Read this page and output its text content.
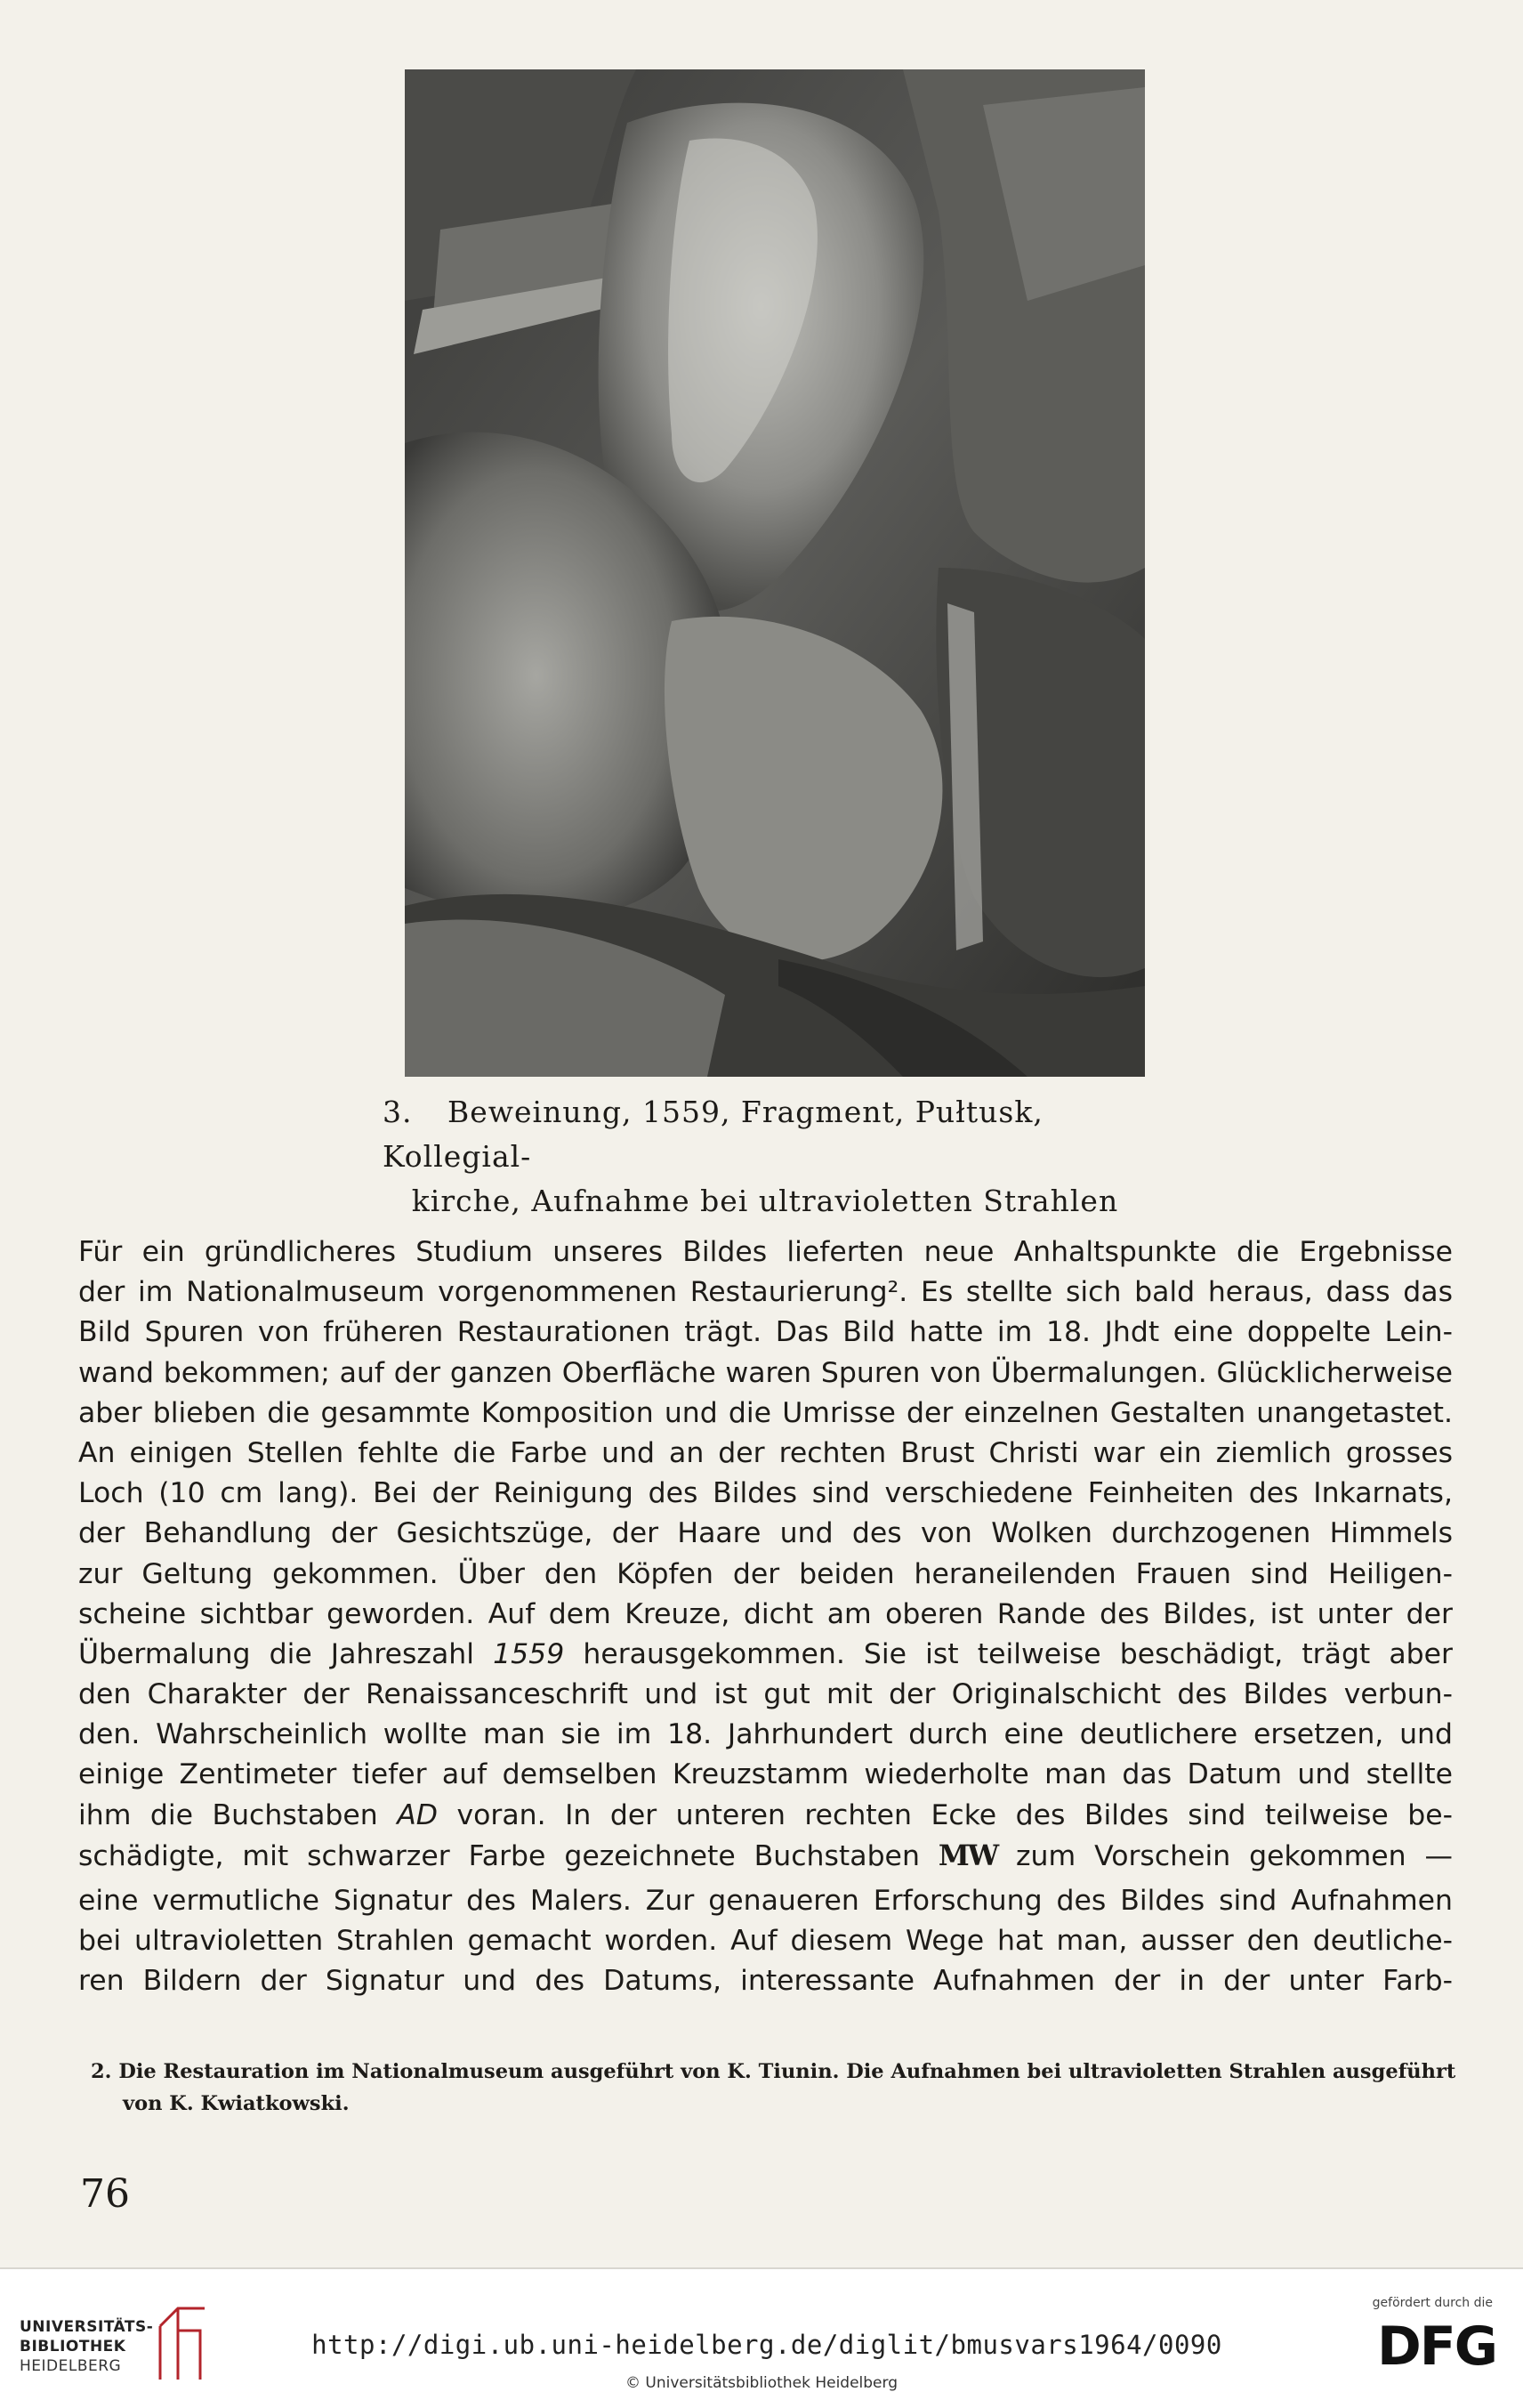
3. Beweinung, 1559, Fragment, Pułtusk, Kollegial-
kirche, Aufnahme bei ultravioletten Strahlen
Für ein gründlicheres Studium unseres Bildes lieferten neue Anhaltspunkte die Ergebnisse
der im Nationalmuseum vorgenommenen Restaurierung². Es stellte sich bald heraus, dass das
Bild Spuren von früheren Restaurationen trägt. Das Bild hatte im 18. Jhdt eine doppelte Lein-
wand bekommen; auf der ganzen Oberfläche waren Spuren von Übermalungen. Glücklicherweise
aber blieben die gesammte Komposition und die Umrisse der einzelnen Gestalten unangetastet.
An einigen Stellen fehlte die Farbe und an der rechten Brust Christi war ein ziemlich grosses
Loch (10 cm lang). Bei der Reinigung des Bildes sind verschiedene Feinheiten des Inkarnats,
der Behandlung der Gesichtszüge, der Haare und des von Wolken durchzogenen Himmels
zur Geltung gekommen. Über den Köpfen der beiden heraneilenden Frauen sind Heiligen-
scheine sichtbar geworden. Auf dem Kreuze, dicht am oberen Rande des Bildes, ist unter der
Übermalung die Jahreszahl 1559 herausgekommen. Sie ist teilweise beschädigt, trägt aber
den Charakter der Renaissanceschrift und ist gut mit der Originalschicht des Bildes verbun-
den. Wahrscheinlich wollte man sie im 18. Jahrhundert durch eine deutlichere ersetzen, und
einige Zentimeter tiefer auf demselben Kreuzstamm wiederholte man das Datum und stellte
ihm die Buchstaben AD voran. In der unteren rechten Ecke des Bildes sind teilweise be-
schädigte, mit schwarzer Farbe gezeichnete Buchstaben MW zum Vorschein gekommen —
eine vermutliche Signatur des Malers. Zur genaueren Erforschung des Bildes sind Aufnahmen
bei ultravioletten Strahlen gemacht worden. Auf diesem Wege hat man, ausser den deutliche-
ren Bildern der Signatur und des Datums, interessante Aufnahmen der in der unter Farb-
2. Die Restauration im Nationalmuseum ausgeführt von K. Tiunin. Die Aufnahmen bei ultravioletten Strahlen ausgeführt
von K. Kwiatkowski.
76
UNIVERSITÄTS-
BIBLIOTHEK
HEIDELBERG
http://digi.ub.uni-heidelberg.de/diglit/bmusvars1964/0090
© Universitätsbibliothek Heidelberg
gefördert durch die
DFG
